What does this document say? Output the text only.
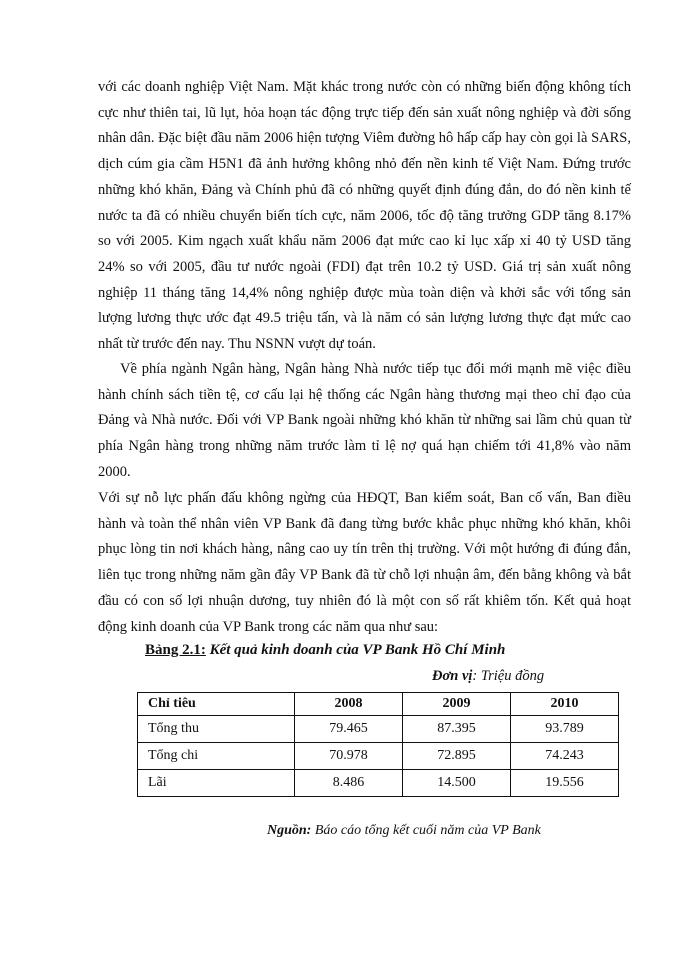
với các doanh nghiệp Việt Nam. Mặt khác trong nước còn có những biến động không tích cực như thiên tai, lũ lụt, hỏa hoạn tác động trực tiếp đến sản xuất nông nghiệp và đời sống nhân dân. Đặc biệt đầu năm 2006 hiện tượng Viêm đường hô hấp cấp hay còn gọi là SARS, dịch cúm gia cầm H5N1 đã ảnh hưởng không nhỏ đến nền kinh tế Việt Nam. Đứng trước những khó khăn, Đảng và Chính phủ đã có những quyết định đúng đắn, do đó nền kinh tế nước ta đã có nhiều chuyển biến tích cực, năm 2006, tốc độ tăng trưởng GDP tăng 8.17% so với 2005. Kim ngạch xuất khẩu năm 2006 đạt mức cao kỉ lục xấp xỉ 40 tỷ USD tăng 24% so với 2005, đầu tư nước ngoài (FDI) đạt trên 10.2 tỷ USD. Giá trị sản xuất nông nghiệp 11 tháng tăng 14,4% nông nghiệp được mùa toàn diện và khởi sắc với tổng sản lượng lương thực ước đạt 49.5 triệu tấn, và là năm có sản lượng lương thực đạt mức cao nhất từ trước đến nay. Thu NSNN vượt dự toán.

Về phía ngành Ngân hàng, Ngân hàng Nhà nước tiếp tục đổi mới mạnh mẽ việc điều hành chính sách tiền tệ, cơ cấu lại hệ thống các Ngân hàng thương mại theo chỉ đạo của Đảng và Nhà nước. Đối với VP Bank ngoài những khó khăn từ những sai lầm chủ quan từ phía Ngân hàng trong những năm trước làm tỉ lệ nợ quá hạn chiếm tới 41,8% vào năm 2000.

Với sự nỗ lực phấn đấu không ngừng của HĐQT, Ban kiểm soát, Ban cố vấn, Ban điều hành và toàn thể nhân viên VP Bank đã đang từng bước khắc phục những khó khăn, khôi phục lòng tin nơi khách hàng, nâng cao uy tín trên thị trường. Với một hướng đi đúng đắn, liên tục trong những năm gần đây VP Bank đã từ chỗ lợi nhuận âm, đến bằng không và bắt đầu có con số lợi nhuận dương, tuy nhiên đó là một con số rất khiêm tốn. Kết quả hoạt động kinh doanh của VP Bank trong các năm qua như sau:

Bảng 2.1: Kết quả kinh doanh của VP Bank Hồ Chí Minh
Đơn vị: Triệu đồng
Chỉ tiêu	2008	2009	2010
Tổng thu	79.465	87.395	93.789
Tổng chi	70.978	72.895	74.243
Lãi	8.486	14.500	19.556
Nguồn: Báo cáo tổng kết cuối năm của VP Bank
